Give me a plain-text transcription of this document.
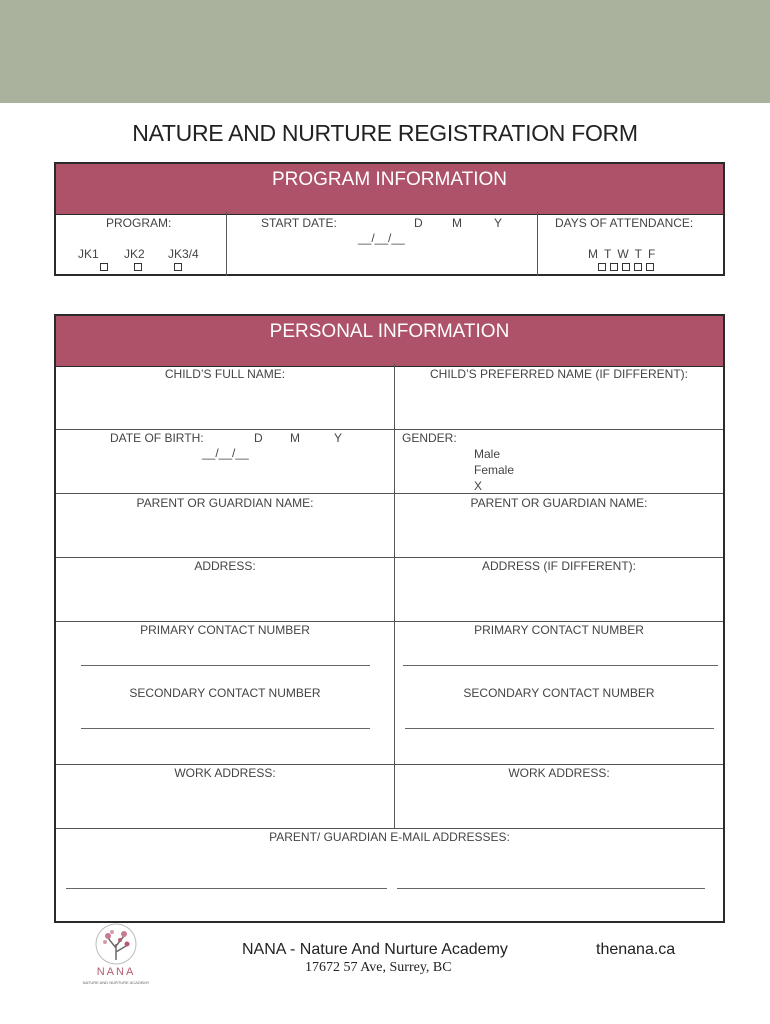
NATURE AND NURTURE REGISTRATION FORM
PROGRAM INFORMATION
PROGRAM:
JK1 JK2 JK3/4
START DATE:	D M	Y
__/__/__
DAYS OF ATTENDANCE:
MTWTF
PERSONAL INFORMATION
CHILD’S FULL NAME:	CHILD’S PREFERRED NAME (IF DIFFERENT):
DATE OF BIRTH:	D M	Y
__/__/__
GENDER:
Male
Female
X
PARENT OR GUARDIAN NAME:	PARENT OR GUARDIAN NAME:
ADDRESS:	ADDRESS (IF DIFFERENT):
PRIMARY CONTACT NUMBER	PRIMARY CONTACT NUMBER
SECONDARY CONTACT NUMBER	SECONDARY CONTACT NUMBER
WORK ADDRESS:	WORK ADDRESS:
PARENT/ GUARDIAN E-MAIL ADDRESSES:
NANA
NATURE AND NURTURE ACADEMY
NANA - Nature And Nurture Academy	thenana.ca
17672 57 Ave, Surrey, BC
